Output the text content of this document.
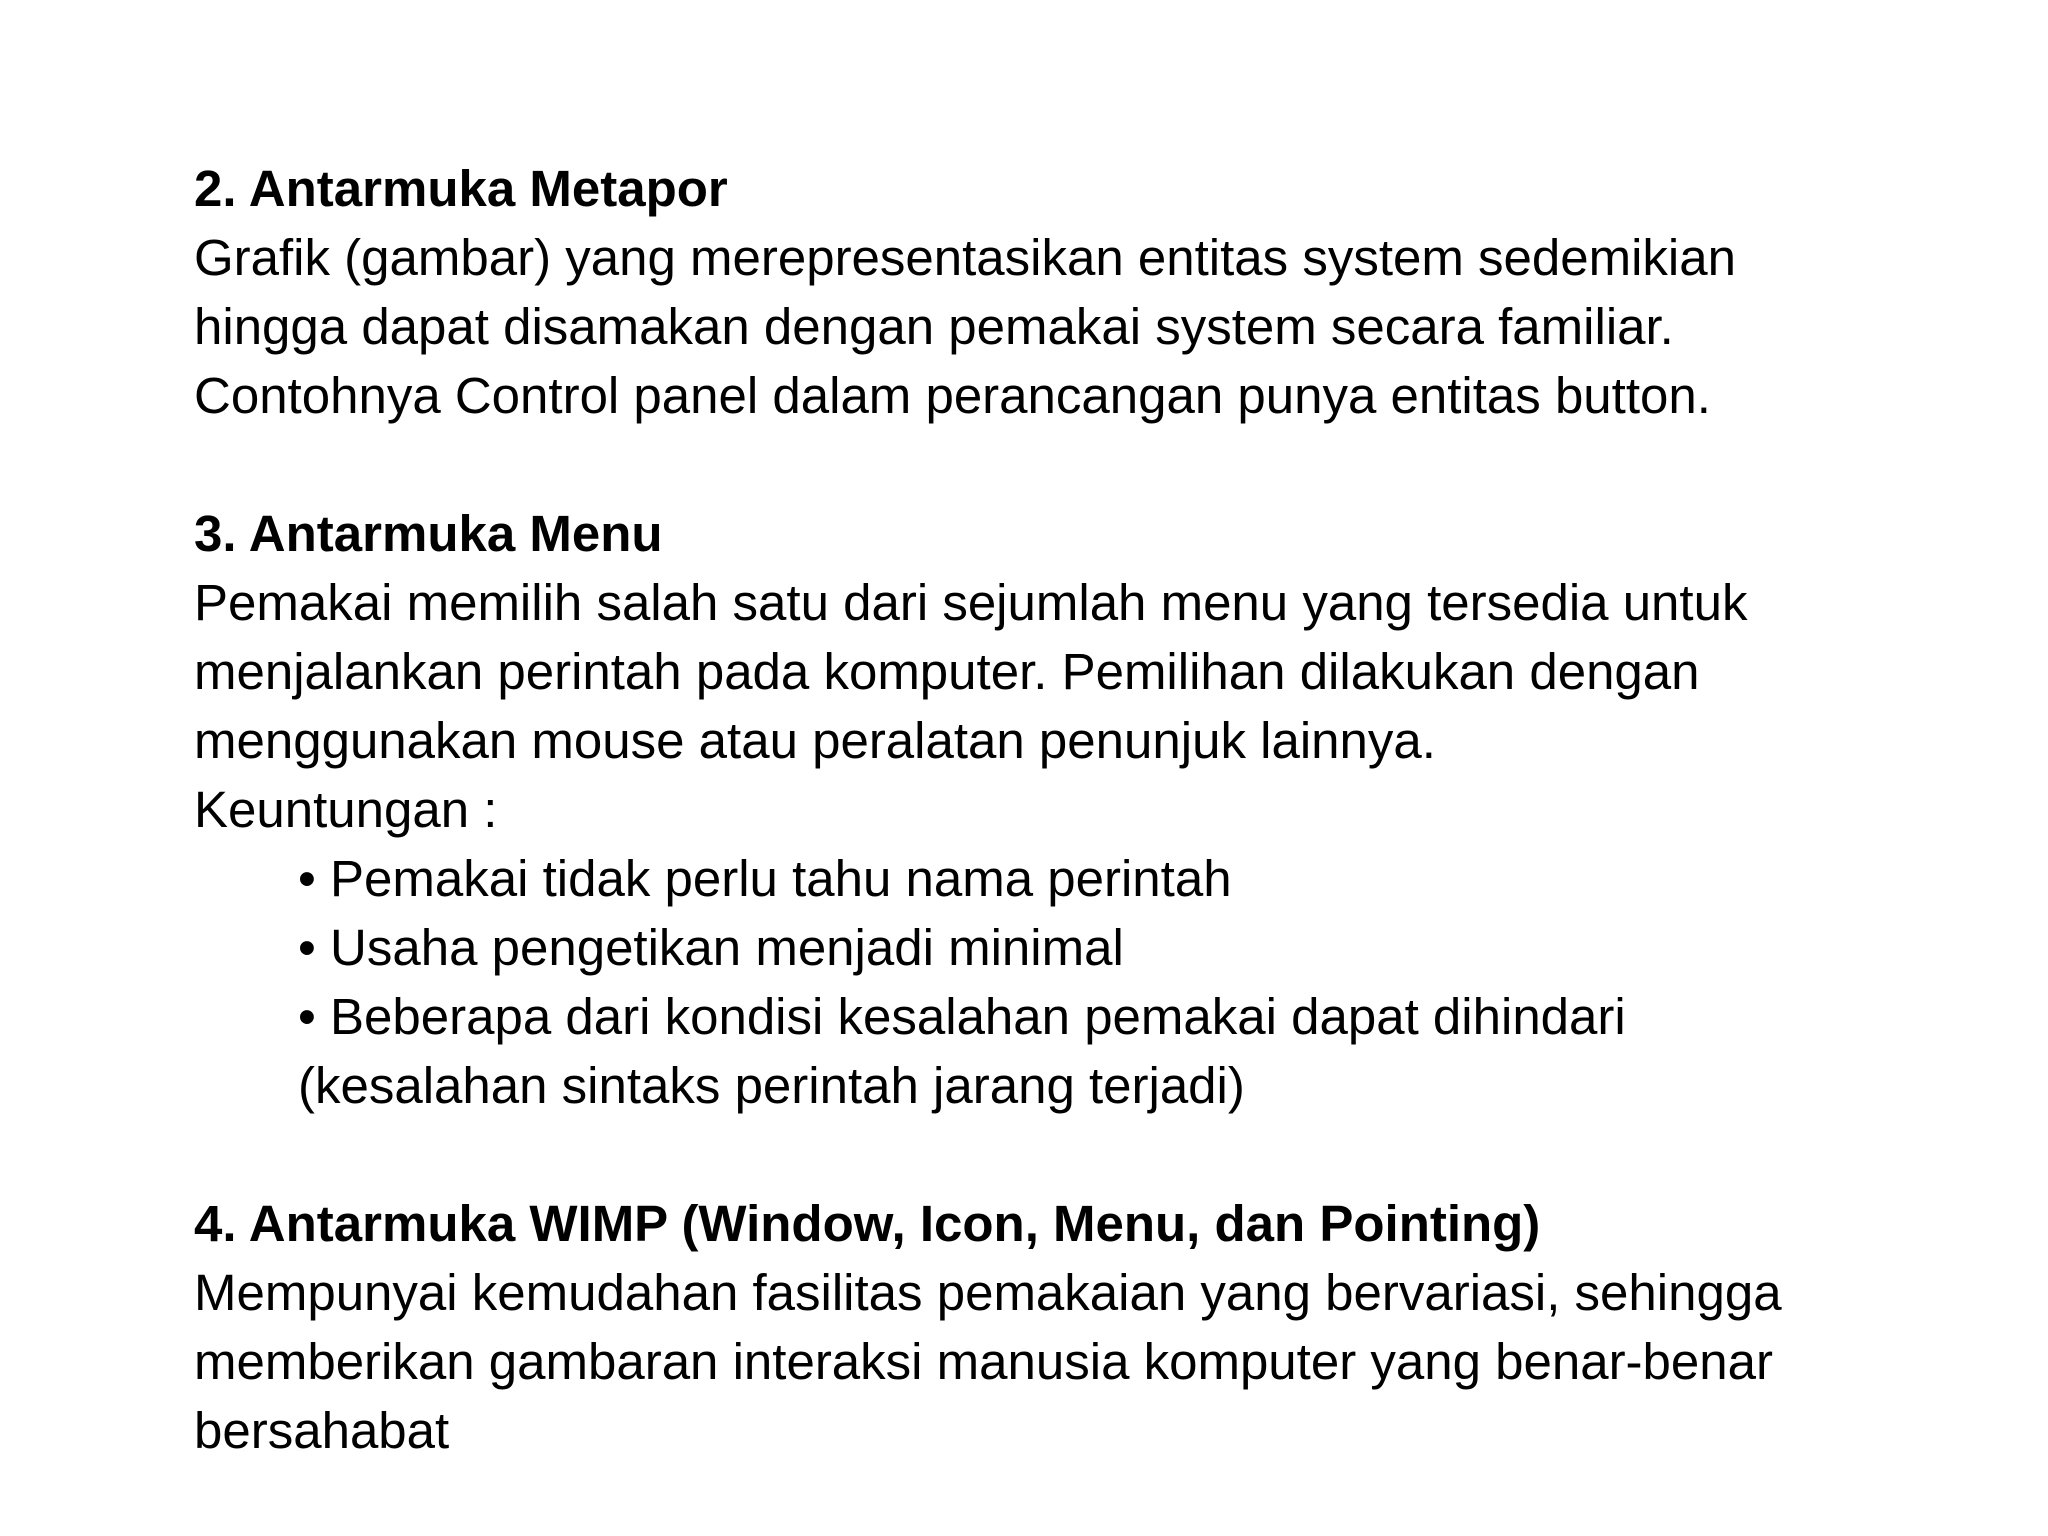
2. Antarmuka Metapor
Grafik (gambar) yang merepresentasikan entitas system sedemikian
hingga dapat disamakan dengan pemakai system secara familiar.
Contohnya Control panel dalam perancangan punya entitas button.
3. Antarmuka Menu
Pemakai memilih salah satu dari sejumlah menu yang tersedia untuk
menjalankan perintah pada komputer. Pemilihan dilakukan dengan
menggunakan mouse atau peralatan penunjuk lainnya.
Keuntungan :
• Pemakai tidak perlu tahu nama perintah
• Usaha pengetikan menjadi minimal
• Beberapa dari kondisi kesalahan pemakai dapat dihindari
(kesalahan sintaks perintah jarang terjadi)
4. Antarmuka WIMP (Window, Icon, Menu, dan Pointing)
Mempunyai kemudahan fasilitas pemakaian yang bervariasi, sehingga
memberikan gambaran interaksi manusia komputer yang benar-benar
bersahabat
